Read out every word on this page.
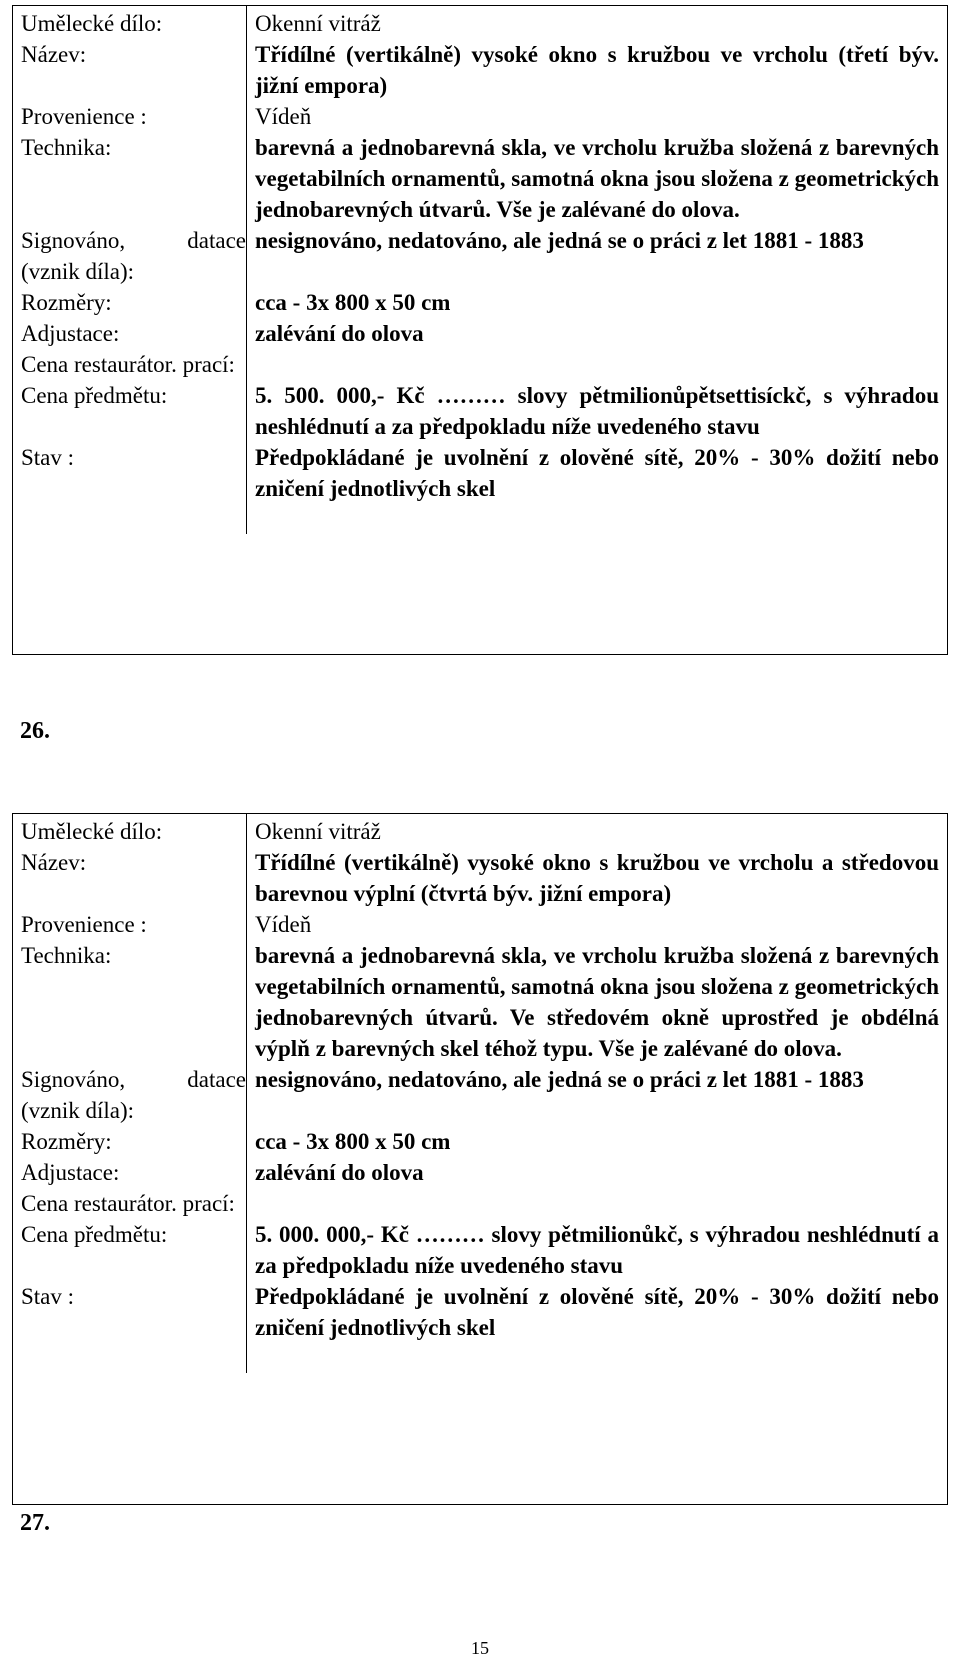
Umělecké dílo:	Okenní vitráž
Název:	Třídílné (vertikálně) vysoké okno s kružbou ve vrcholu (třetí býv. jižní empora)
Provenience :	Vídeň
Technika:	barevná a jednobarevná skla, ve vrcholu kružba složená z barevných vegetabilních ornamentů, samotná okna jsou složena z geometrických jednobarevných útvarů. Vše je zalévané do olova.
Signováno, datace (vznik díla):	nesignováno, nedatováno, ale jedná se o práci z let 1881 - 1883
Rozměry:	cca - 3x 800 x 50 cm
Adjustace:	zalévání do olova
Cena restaurátor. prací:	
Cena předmětu:	5. 500. 000,- Kč ……… slovy pětmilionůpětsettisíckč, s výhradou neshlédnutí a za předpokladu níže uvedeného stavu
Stav :	Předpokládané je uvolnění z olověné sítě, 20% - 30% dožití nebo zničení jednotlivých skel

26.
Umělecké dílo:	Okenní vitráž
Název:	Třídílné (vertikálně) vysoké okno s kružbou ve vrcholu a středovou barevnou výplní (čtvrtá býv. jižní empora)
Provenience :	Vídeň
Technika:	barevná a jednobarevná skla, ve vrcholu kružba složená z barevných vegetabilních ornamentů, samotná okna jsou složena z geometrických jednobarevných útvarů. Ve středovém okně uprostřed je obdélná výplň z barevných skel téhož typu. Vše je zalévané do olova.
Signováno, datace (vznik díla):	nesignováno, nedatováno, ale jedná se o práci z let 1881 - 1883
Rozměry:	cca - 3x 800 x 50 cm
Adjustace:	zalévání do olova
Cena restaurátor. prací:	
Cena předmětu:	5. 000. 000,- Kč ……… slovy pětmilionůkč, s výhradou neshlédnutí a za předpokladu níže uvedeného stavu
Stav :	Předpokládané je uvolnění z olověné sítě, 20% - 30% dožití nebo zničení jednotlivých skel

27.
15
